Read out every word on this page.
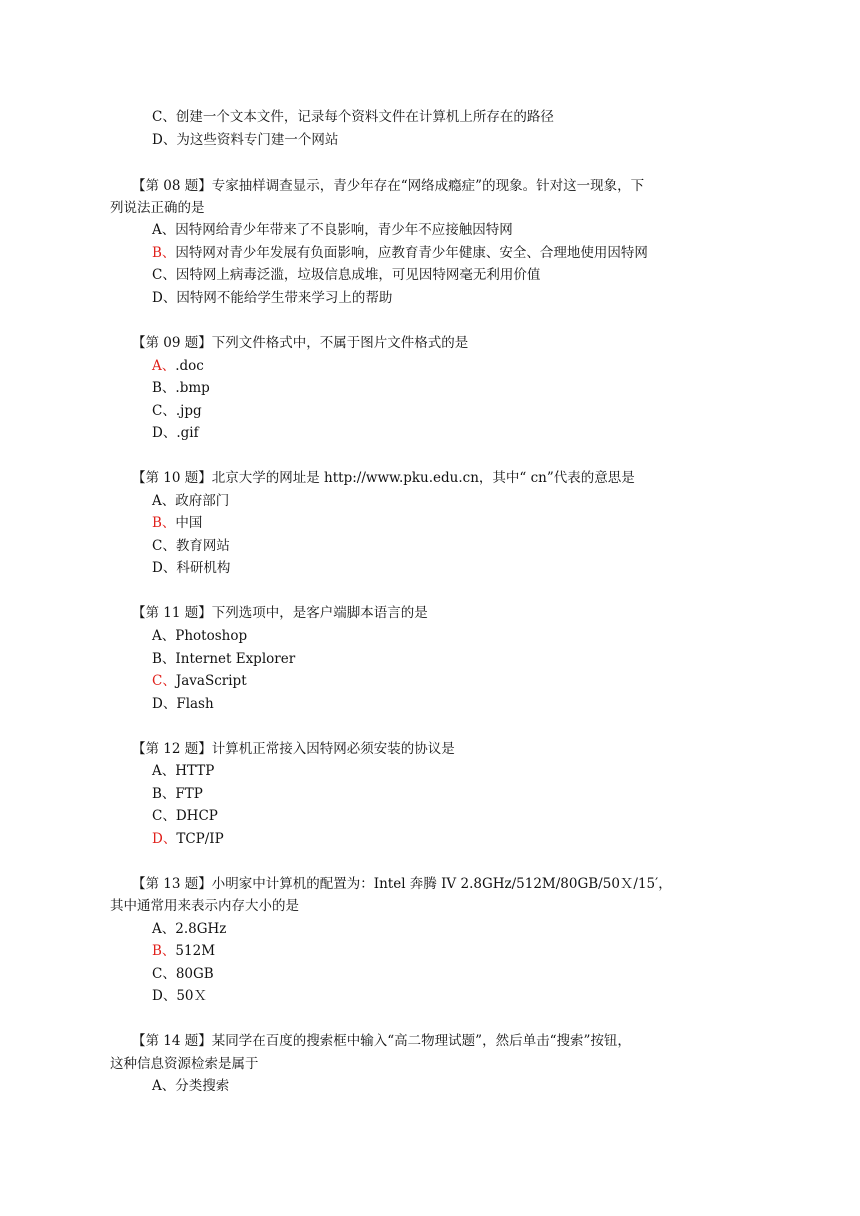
C、创建一个文本文件，记录每个资料文件在计算机上所存在的路径
D、为这些资料专门建一个网站
【第 08 题】专家抽样调查显示，青少年存在“网络成瘾症”的现象。针对这一现象，下
列说法正确的是
A、因特网给青少年带来了不良影响，青少年不应接触因特网
B、因特网对青少年发展有负面影响，应教育青少年健康、安全、合理地使用因特网
C、因特网上病毒泛滥，垃圾信息成堆，可见因特网毫无利用价值
D、因特网不能给学生带来学习上的帮助
【第 09 题】下列文件格式中，不属于图片文件格式的是
A、.doc
B、.bmp
C、.jpg
D、.gif
【第 10 题】北京大学的网址是 http://www.pku.edu.cn，其中“ cn”代表的意思是
A、政府部门
B、中国
C、教育网站
D、科研机构
【第 11 题】下列选项中，是客户端脚本语言的是
A、Photoshop
B、Internet Explorer
C、JavaScript
D、Flash
【第 12 题】计算机正常接入因特网必须安装的协议是
A、HTTP
B、FTP
C、DHCP
D、TCP/IP
【第 13 题】小明家中计算机的配置为：Intel 奔腾 IV 2.8GHz/512M/80GB/50Ｘ/15′，
其中通常用来表示内存大小的是
A、2.8GHz
B、512M
C、80GB
D、50Ｘ
【第 14 题】某同学在百度的搜索框中输入“高二物理试题”，然后单击“搜索”按钮，
这种信息资源检索是属于
A、分类搜索
